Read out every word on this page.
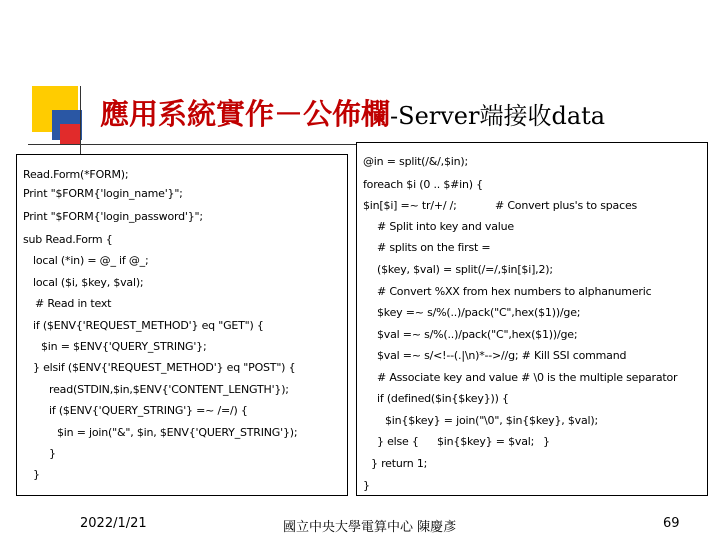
應用系統實作－公佈欄-Server端接收data
Read.Form(*FORM);
Print "$FORM{'login_name'}";
Print "$FORM{'login_password'}";
sub Read.Form {
local (*in) = @_ if @_;
local ($i, $key, $val);
# Read in text
if ($ENV{'REQUEST_METHOD'} eq "GET") {
$in = $ENV{'QUERY_STRING'};
} elsif ($ENV{'REQUEST_METHOD'} eq "POST") {
read(STDIN,$in,$ENV{'CONTENT_LENGTH'});
if ($ENV{'QUERY_STRING'} =~ /=/) {
$in = join("&", $in, $ENV{'QUERY_STRING'});
}
}
@in = split(/&/,$in);
foreach $i (0 .. $#in) {
$in[$i] =~ tr/+/ /;	# Convert plus's to spaces
# Split into key and value
# splits on the first =
($key, $val) = split(/=/,$in[$i],2);
# Convert %XX from hex numbers to alphanumeric
$key =~ s/%(..)/pack("C",hex($1))/ge;
$val =~ s/%(..)/pack("C",hex($1))/ge;
$val =~ s/<!--(.|\n)*-->//g; # Kill SSI command
# Associate key and value # \0 is the multiple separator
if (defined($in{$key})) {
$in{$key} = join("\0", $in{$key}, $val);
} else { $in{$key} = $val; }
} return 1;
}
2022/1/21	國立中央大學電算中心 陳慶彥	69
